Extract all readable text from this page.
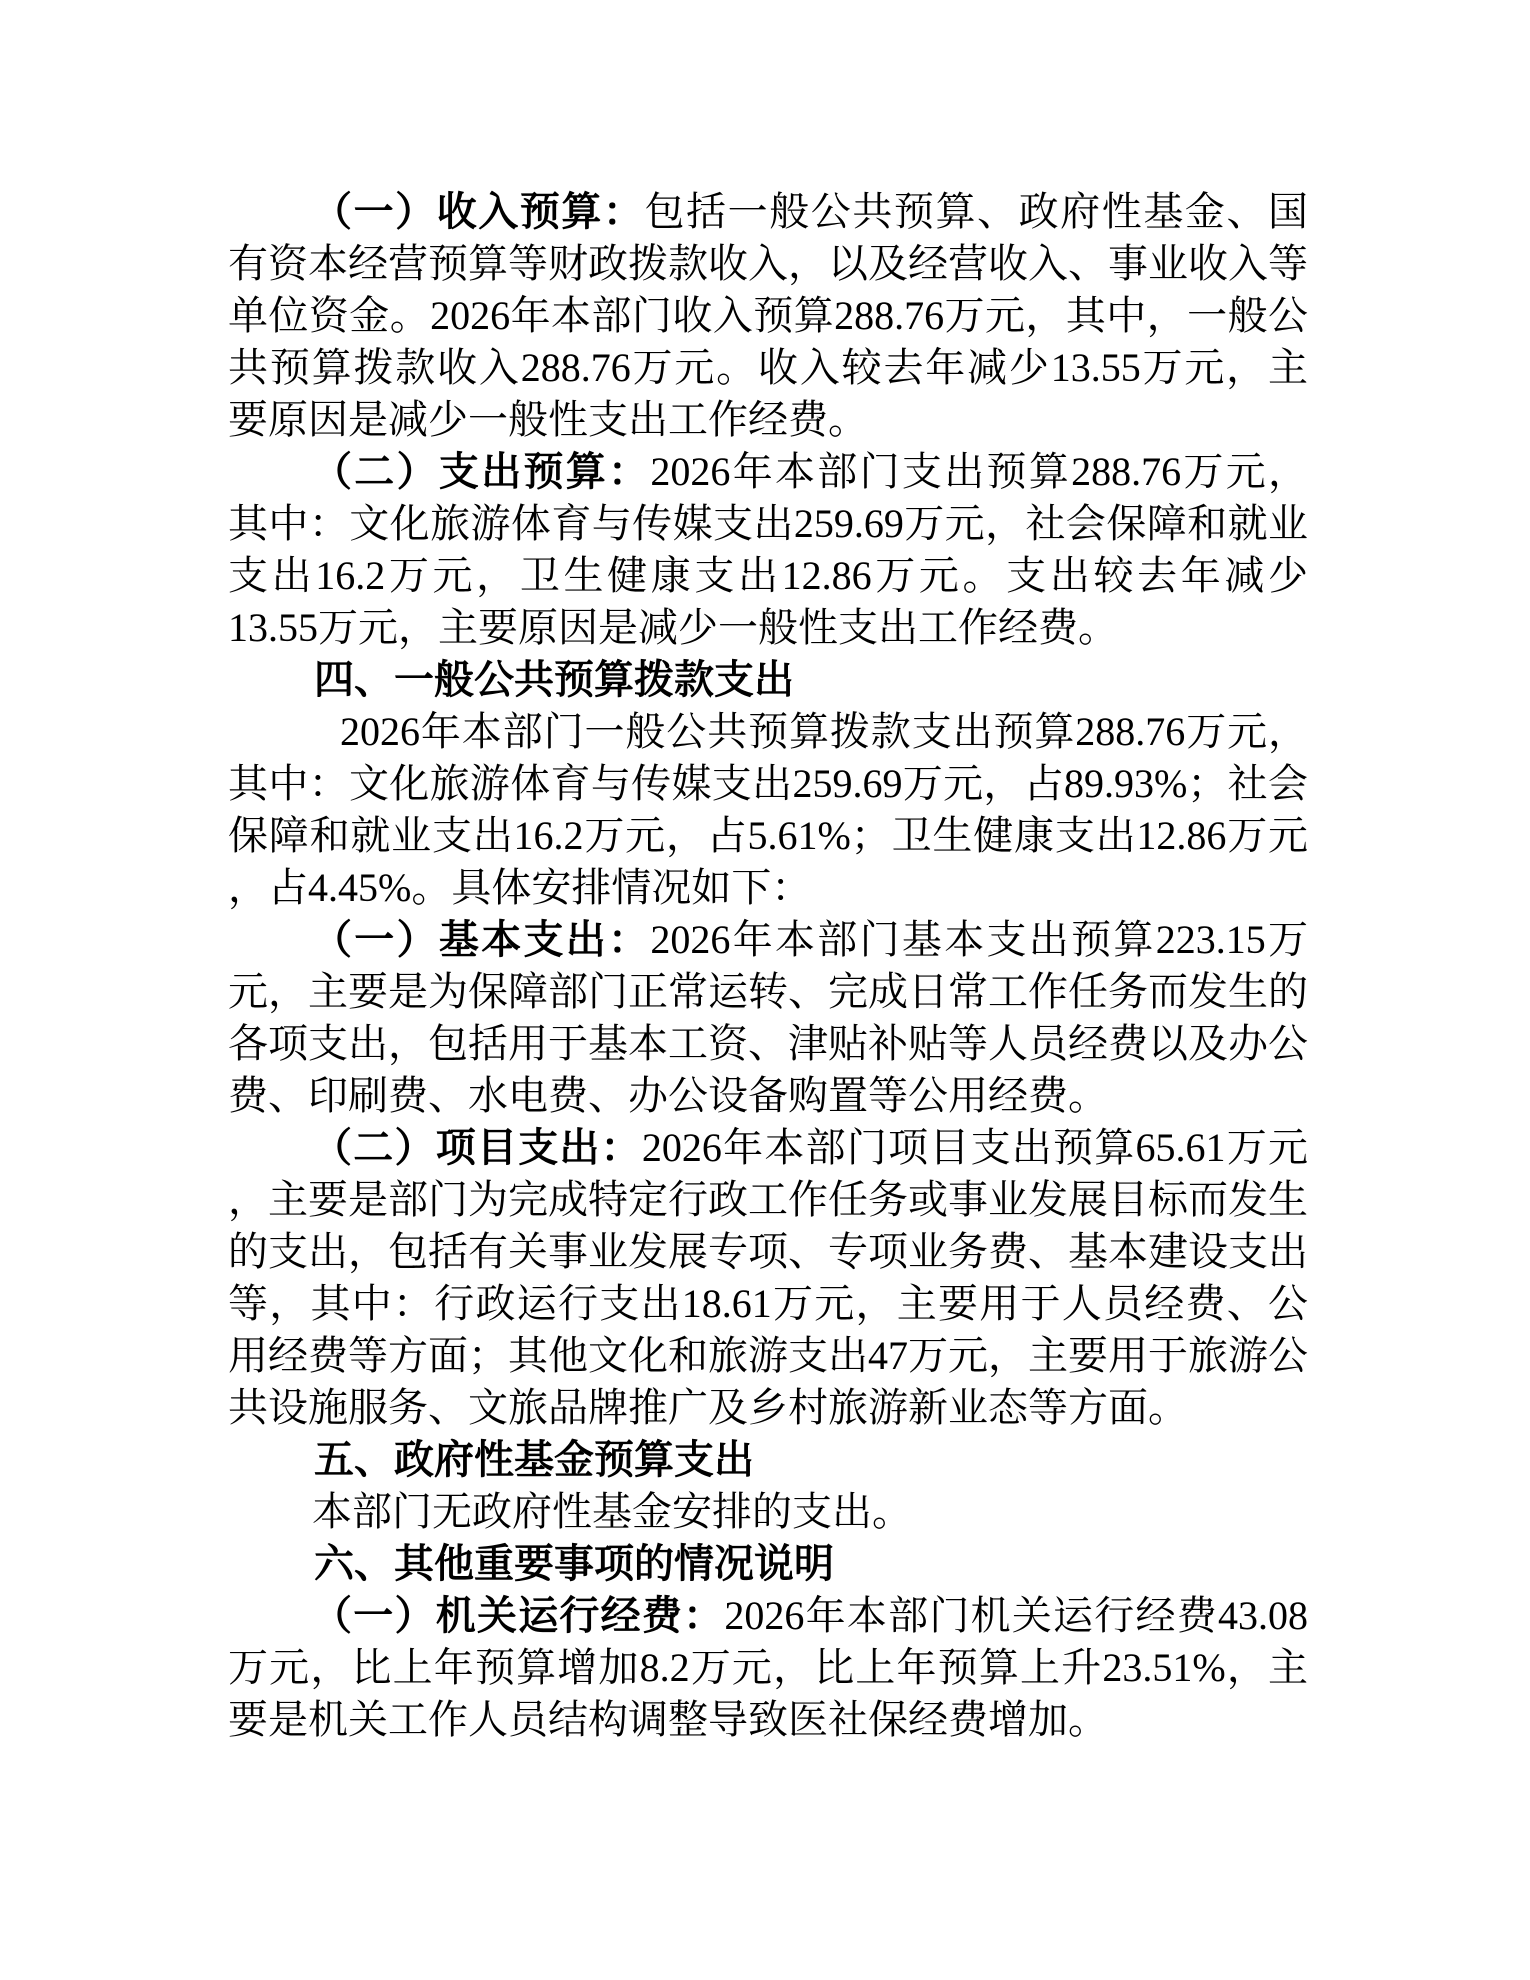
（一）收入预算：包括一般公共预算、政府性基金、国
有资本经营预算等财政拨款收入，以及经营收入、事业收入等
单位资金。2026年本部门收入预算288.76万元，其中，一般公
共预算拨款收入288.76万元。收入较去年减少13.55万元，主
要原因是减少一般性支出工作经费。
（二）支出预算：2026年本部门支出预算288.76万元，
其中：文化旅游体育与传媒支出259.69万元，社会保障和就业
支出16.2万元，卫生健康支出12.86万元。支出较去年减少
13.55万元，主要原因是减少一般性支出工作经费。
四、一般公共预算拨款支出
2026年本部门一般公共预算拨款支出预算288.76万元，
其中：文化旅游体育与传媒支出259.69万元，占89.93%；社会
保障和就业支出16.2万元，占5.61%；卫生健康支出12.86万元
，占4.45%。具体安排情况如下：
（一）基本支出：2026年本部门基本支出预算223.15万
元，主要是为保障部门正常运转、完成日常工作任务而发生的
各项支出，包括用于基本工资、津贴补贴等人员经费以及办公
费、印刷费、水电费、办公设备购置等公用经费。
（二）项目支出：2026年本部门项目支出预算65.61万元
，主要是部门为完成特定行政工作任务或事业发展目标而发生
的支出，包括有关事业发展专项、专项业务费、基本建设支出
等，其中：行政运行支出18.61万元，主要用于人员经费、公
用经费等方面；其他文化和旅游支出47万元，主要用于旅游公
共设施服务、文旅品牌推广及乡村旅游新业态等方面。
五、政府性基金预算支出
本部门无政府性基金安排的支出。
六、其他重要事项的情况说明
（一）机关运行经费：2026年本部门机关运行经费43.08
万元，比上年预算增加8.2万元，比上年预算上升23.51%，主
要是机关工作人员结构调整导致医社保经费增加。
